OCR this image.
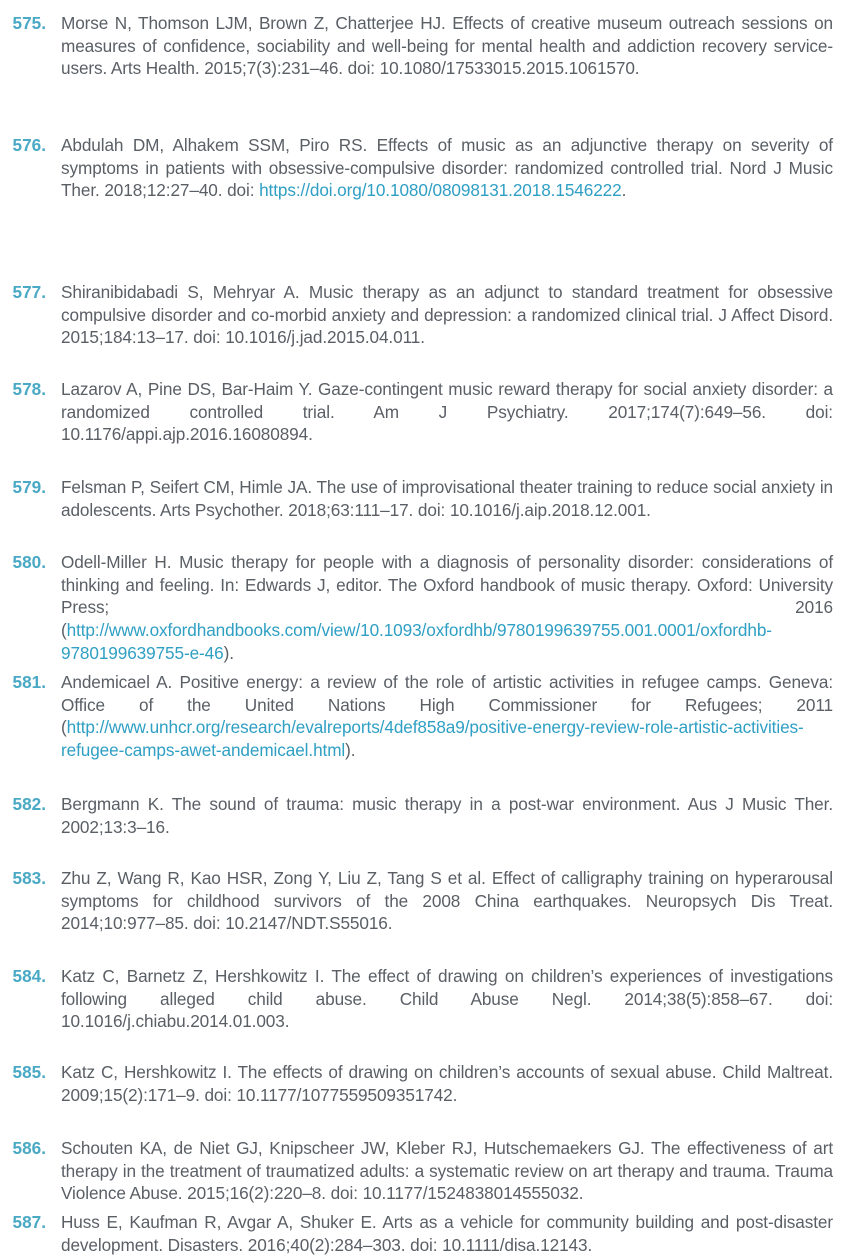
575. Morse N, Thomson LJM, Brown Z, Chatterjee HJ. Effects of creative museum outreach sessions on measures of confidence, sociability and well-being for mental health and addiction recovery service-users. Arts Health. 2015;7(3):231–46. doi: 10.1080/17533015.2015.1061570.
576. Abdulah DM, Alhakem SSM, Piro RS. Effects of music as an adjunctive therapy on severity of symptoms in patients with obsessive-compulsive disorder: randomized controlled trial. Nord J Music Ther. 2018;12:27–40. doi: https://doi.org/10.1080/08098131.2018.1546222.
577. Shiranibidabadi S, Mehryar A. Music therapy as an adjunct to standard treatment for obsessive compulsive disorder and co-morbid anxiety and depression: a randomized clinical trial. J Affect Disord. 2015;184:13–17. doi: 10.1016/j.jad.2015.04.011.
578. Lazarov A, Pine DS, Bar-Haim Y. Gaze-contingent music reward therapy for social anxiety disorder: a randomized controlled trial. Am J Psychiatry. 2017;174(7):649–56. doi: 10.1176/appi.ajp.2016.16080894.
579. Felsman P, Seifert CM, Himle JA. The use of improvisational theater training to reduce social anxiety in adolescents. Arts Psychother. 2018;63:111–17. doi: 10.1016/j.aip.2018.12.001.
580. Odell-Miller H. Music therapy for people with a diagnosis of personality disorder: considerations of thinking and feeling. In: Edwards J, editor. The Oxford handbook of music therapy. Oxford: University Press; 2016 (http://www.oxfordhandbooks.com/view/10.1093/oxfordhb/9780199639755.001.0001/oxfordhb-9780199639755-e-46).
581. Andemicael A. Positive energy: a review of the role of artistic activities in refugee camps. Geneva: Office of the United Nations High Commissioner for Refugees; 2011 (http://www.unhcr.org/research/evalreports/4def858a9/positive-energy-review-role-artistic-activities-refugee-camps-awet-andemicael.html).
582. Bergmann K. The sound of trauma: music therapy in a post-war environment. Aus J Music Ther. 2002;13:3–16.
583. Zhu Z, Wang R, Kao HSR, Zong Y, Liu Z, Tang S et al. Effect of calligraphy training on hyperarousal symptoms for childhood survivors of the 2008 China earthquakes. Neuropsych Dis Treat. 2014;10:977–85. doi: 10.2147/NDT.S55016.
584. Katz C, Barnetz Z, Hershkowitz I. The effect of drawing on children’s experiences of investigations following alleged child abuse. Child Abuse Negl. 2014;38(5):858–67. doi: 10.1016/j.chiabu.2014.01.003.
585. Katz C, Hershkowitz I. The effects of drawing on children’s accounts of sexual abuse. Child Maltreat. 2009;15(2):171–9. doi: 10.1177/1077559509351742.
586. Schouten KA, de Niet GJ, Knipscheer JW, Kleber RJ, Hutschemaekers GJ. The effectiveness of art therapy in the treatment of traumatized adults: a systematic review on art therapy and trauma. Trauma Violence Abuse. 2015;16(2):220–8. doi: 10.1177/1524838014555032.
587. Huss E, Kaufman R, Avgar A, Shuker E. Arts as a vehicle for community building and post-disaster development. Disasters. 2016;40(2):284–303. doi: 10.1111/disa.12143.
